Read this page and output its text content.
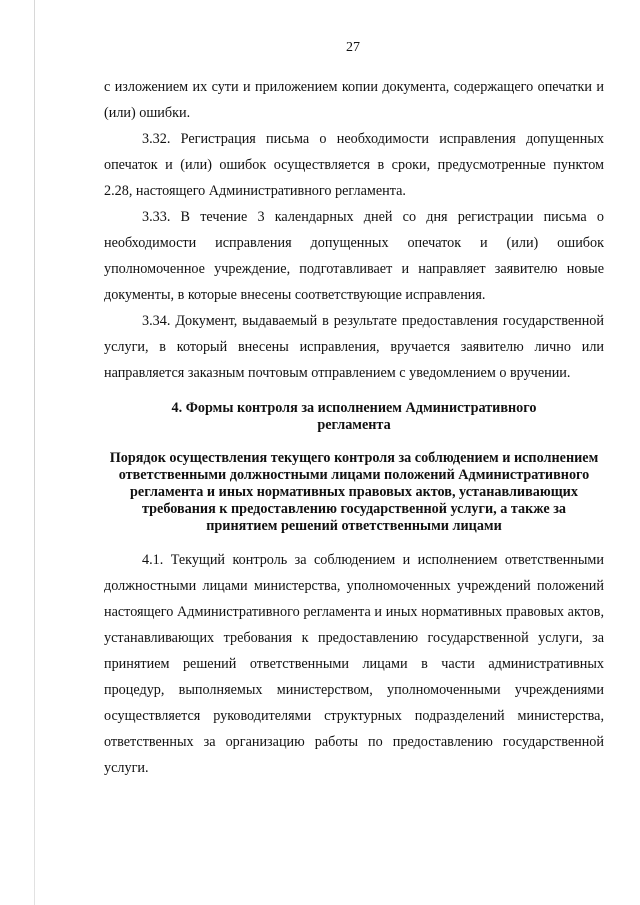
27

с изложением их сути и приложением копии документа, содержащего опечатки и (или) ошибки.

3.32. Регистрация письма о необходимости исправления допущенных опечаток и (или) ошибок осуществляется в сроки, предусмотренные пунктом 2.28, настоящего Административного регламента.

3.33. В течение 3 календарных дней со дня регистрации письма о необходимости исправления допущенных опечаток и (или) ошибок уполномоченное учреждение, подготавливает и направляет заявителю новые документы, в которые внесены соответствующие исправления.

3.34. Документ, выдаваемый в результате предоставления государственной услуги, в который внесены исправления, вручается заявителю лично или направляется заказным почтовым отправлением с уведомлением о вручении.

4. Формы контроля за исполнением Административного регламента
Порядок осуществления текущего контроля за соблюдением и исполнением ответственными должностными лицами положений Административного регламента и иных нормативных правовых актов, устанавливающих требования к предоставлению государственной услуги, а также за принятием решений ответственными лицами

4.1. Текущий контроль за соблюдением и исполнением ответственными должностными лицами министерства, уполномоченных учреждений положений настоящего Административного регламента и иных нормативных правовых актов, устанавливающих требования к предоставлению государственной услуги, за принятием решений ответственными лицами в части административных процедур, выполняемых министерством, уполномоченными учреждениями осуществляется руководителями структурных подразделений министерства, ответственных за организацию работы по предоставлению государственной услуги.
